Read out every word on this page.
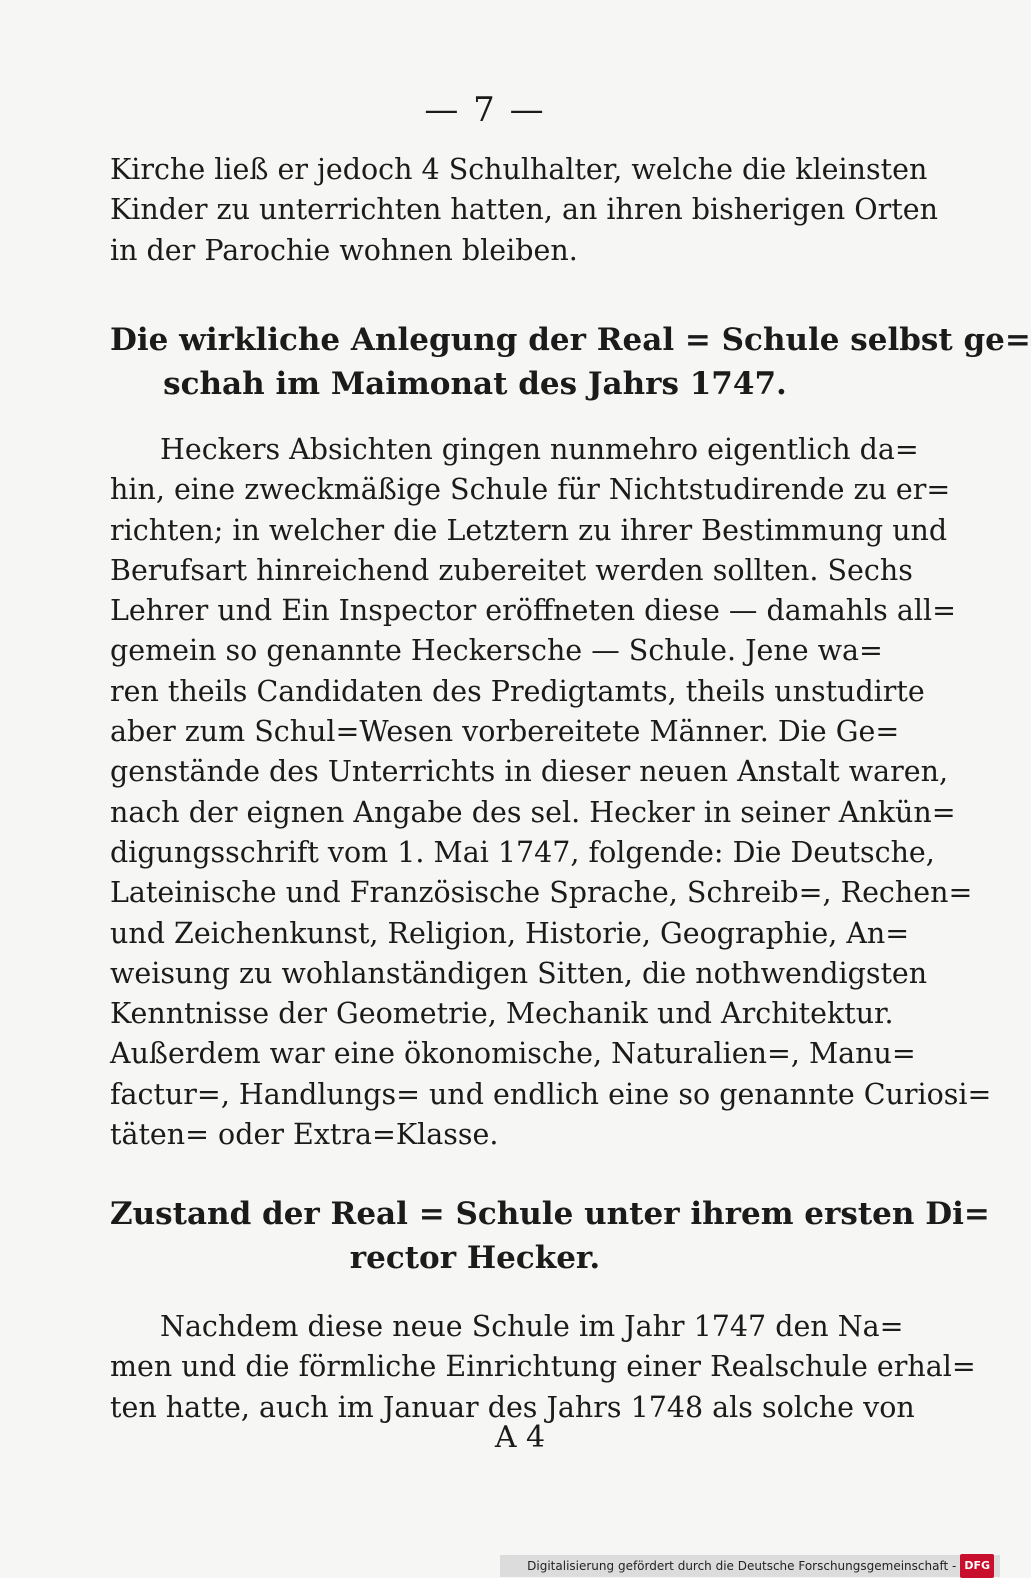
— 7 —
Kirche ließ er jedoch 4 Schulhalter, welche die kleinsten
Kinder zu unterrichten hatten, an ihren bisherigen Orten
in der Parochie wohnen bleiben.
Die wirkliche Anlegung der Real = Schule selbst ge=
schah im Maimonat des Jahrs 1747.
Heckers Absichten gingen nunmehro eigentlich da=
hin, eine zweckmäßige Schule für Nichtstudirende zu er=
richten; in welcher die Letztern zu ihrer Bestimmung und
Berufsart hinreichend zubereitet werden sollten. Sechs
Lehrer und Ein Inspector eröffneten diese — damahls all=
gemein so genannte Heckersche — Schule. Jene wa=
ren theils Candidaten des Predigtamts, theils unstudirte
aber zum Schul=Wesen vorbereitete Männer. Die Ge=
genstände des Unterrichts in dieser neuen Anstalt waren,
nach der eignen Angabe des sel. Hecker in seiner Ankün=
digungsschrift vom 1. Mai 1747, folgende: Die Deutsche,
Lateinische und Französische Sprache, Schreib=, Rechen=
und Zeichenkunst, Religion, Historie, Geographie, An=
weisung zu wohlanständigen Sitten, die nothwendigsten
Kenntnisse der Geometrie, Mechanik und Architektur.
Außerdem war eine ökonomische, Naturalien=, Manu=
factur=, Handlungs= und endlich eine so genannte Curiosi=
täten= oder Extra=Klasse.
Zustand der Real = Schule unter ihrem ersten Di=
rector Hecker.
Nachdem diese neue Schule im Jahr 1747 den Na=
men und die förmliche Einrichtung einer Realschule erhal=
ten hatte, auch im Januar des Jahrs 1748 als solche von
A 4
Digitalisierung gefördert durch die Deutsche Forschungsgemeinschaft - DFG
